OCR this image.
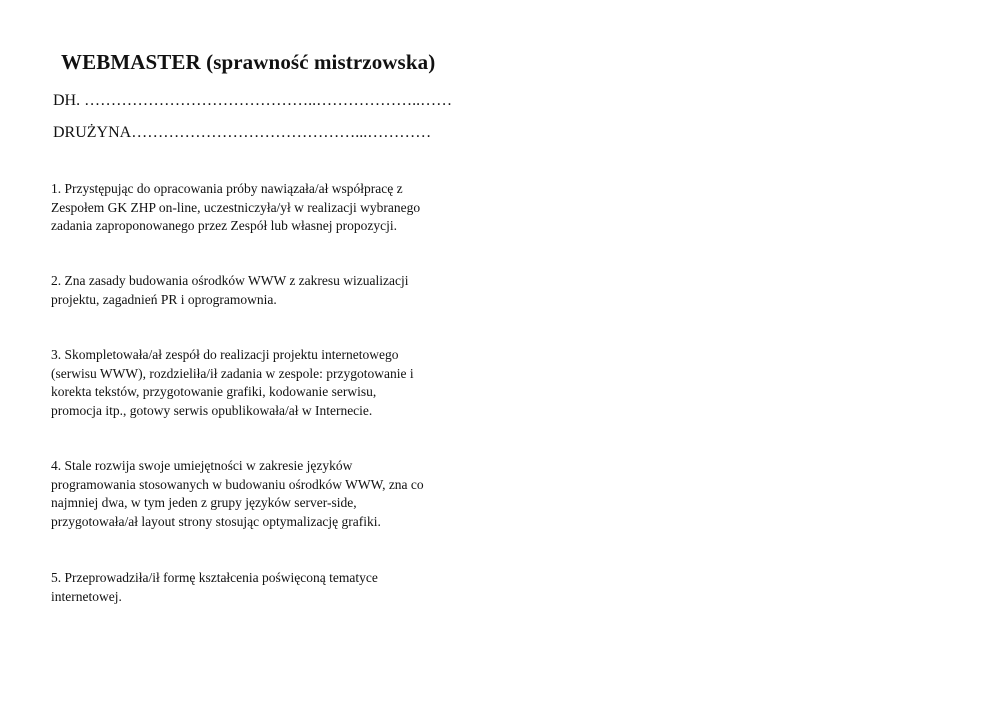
WEBMASTER (sprawność mistrzowska)
DH. ……………………………………..………………..……
DRUŻYNA……………………………………...…………
1. Przystępując do opracowania próby nawiązała/ał współpracę z
Zespołem GK ZHP on-line, uczestniczyła/ył w realizacji wybranego
zadania zaproponowanego przez Zespół lub własnej propozycji.
2. Zna zasady budowania ośrodków WWW z zakresu wizualizacji
projektu, zagadnień PR i oprogramownia.
3. Skompletowała/ał zespół do realizacji projektu internetowego
(serwisu WWW), rozdzieliła/ił zadania w zespole: przygotowanie i
korekta tekstów, przygotowanie grafiki, kodowanie serwisu,
promocja itp., gotowy serwis opublikowała/ał w Internecie.
4. Stale rozwija swoje umiejętności w zakresie języków
programowania stosowanych w budowaniu ośrodków WWW, zna co
najmniej dwa, w tym jeden z grupy języków server-side,
przygotowała/ał layout strony stosując optymalizację grafiki.
5. Przeprowadziła/ił formę kształcenia poświęconą tematyce
internetowej.
